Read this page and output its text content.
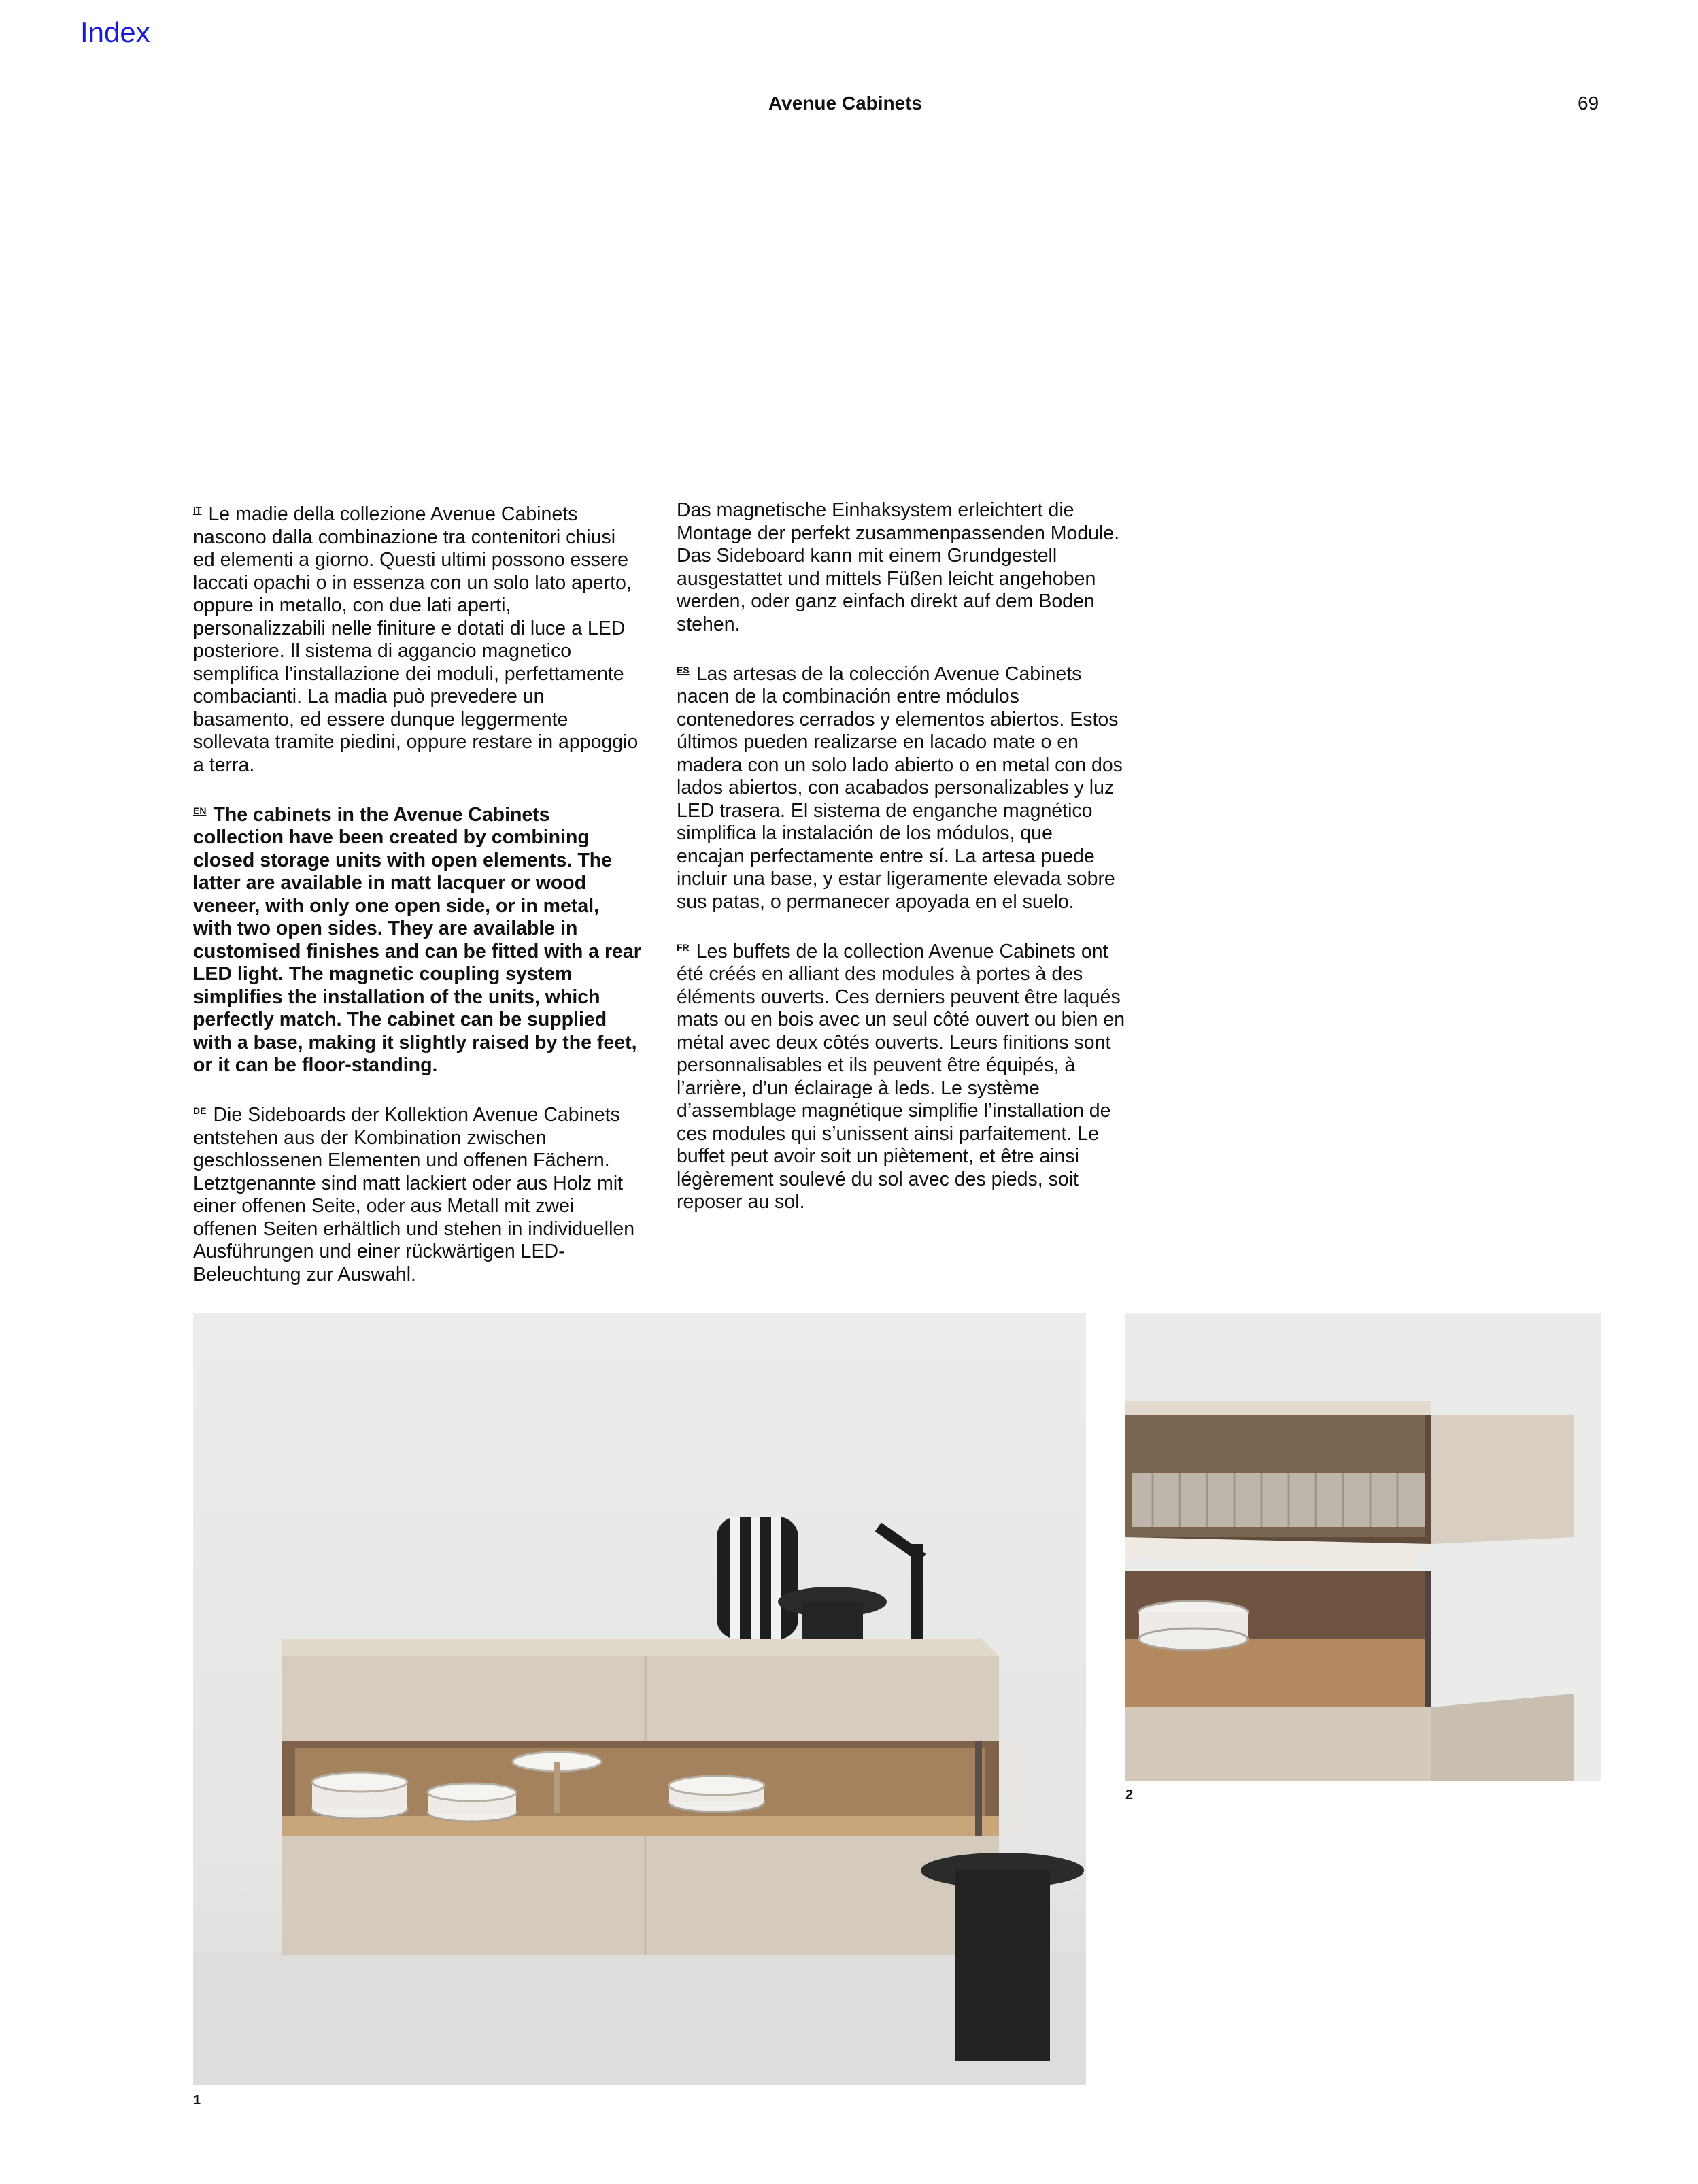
Index
Avenue Cabinets	69

$^{IT}$ Le madie della collezione Avenue Cabinets nascono dalla combinazione tra contenitori chiusi ed elementi a giorno. Questi ultimi possono essere laccati opachi o in essenza con un solo lato aperto, oppure in metallo, con due lati aperti, personalizzabili nelle finiture e dotati di luce a LED posteriore. Il sistema di aggancio magnetico semplifica l’installazione dei moduli, perfettamente combacianti. La madia può prevedere un basamento, ed essere dunque leggermente sollevata tramite piedini, oppure restare in appoggio a terra.

$^{EN}$ The cabinets in the Avenue Cabinets collection have been created by combining closed storage units with open elements. The latter are available in matt lacquer or wood veneer, with only one open side, or in metal, with two open sides. They are available in customised finishes and can be fitted with a rear LED light. The magnetic coupling system simplifies the installation of the units, which perfectly match. The cabinet can be supplied with a base, making it slightly raised by the feet, or it can be floor-standing.

$^{DE}$ Die Sideboards der Kollektion Avenue Cabinets entstehen aus der Kombination zwischen geschlossenen Elementen und offenen Fächern. Letztgenannte sind matt lackiert oder aus Holz mit einer offenen Seite, oder aus Metall mit zwei offenen Seiten erhältlich und stehen in individuellen Ausführungen und einer rückwärtigen LED-Beleuchtung zur Auswahl.

Das magnetische Einhaksystem erleichtert die Montage der perfekt zusammenpassenden Module. Das Sideboard kann mit einem Grundgestell ausgestattet und mittels Füßen leicht angehoben werden, oder ganz einfach direkt auf dem Boden stehen.

$^{ES}$ Las artesas de la colección Avenue Cabinets nacen de la combinación entre módulos contenedores cerrados y elementos abiertos. Estos últimos pueden realizarse en lacado mate o en madera con un solo lado abierto o en metal con dos lados abiertos, con acabados personalizables y luz LED trasera. El sistema de enganche magnético simplifica la instalación de los módulos, que encajan perfectamente entre sí. La artesa puede incluir una base, y estar ligeramente elevada sobre sus patas, o permanecer apoyada en el suelo.

$^{FR}$ Les buffets de la collection Avenue Cabinets ont été créés en alliant des modules à portes à des éléments ouverts. Ces derniers peuvent être laqués mats ou en bois avec un seul côté ouvert ou bien en métal avec deux côtés ouverts. Leurs finitions sont personnalisables et ils peuvent être équipés, à l’arrière, d’un éclairage à leds. Le système d’assemblage magnétique simplifie l’installation de ces modules qui s’unissent ainsi parfaitement. Le buffet peut avoir soit un piètement, et être ainsi légèrement soulevé du sol avec des pieds, soit reposer au sol.

1
2
